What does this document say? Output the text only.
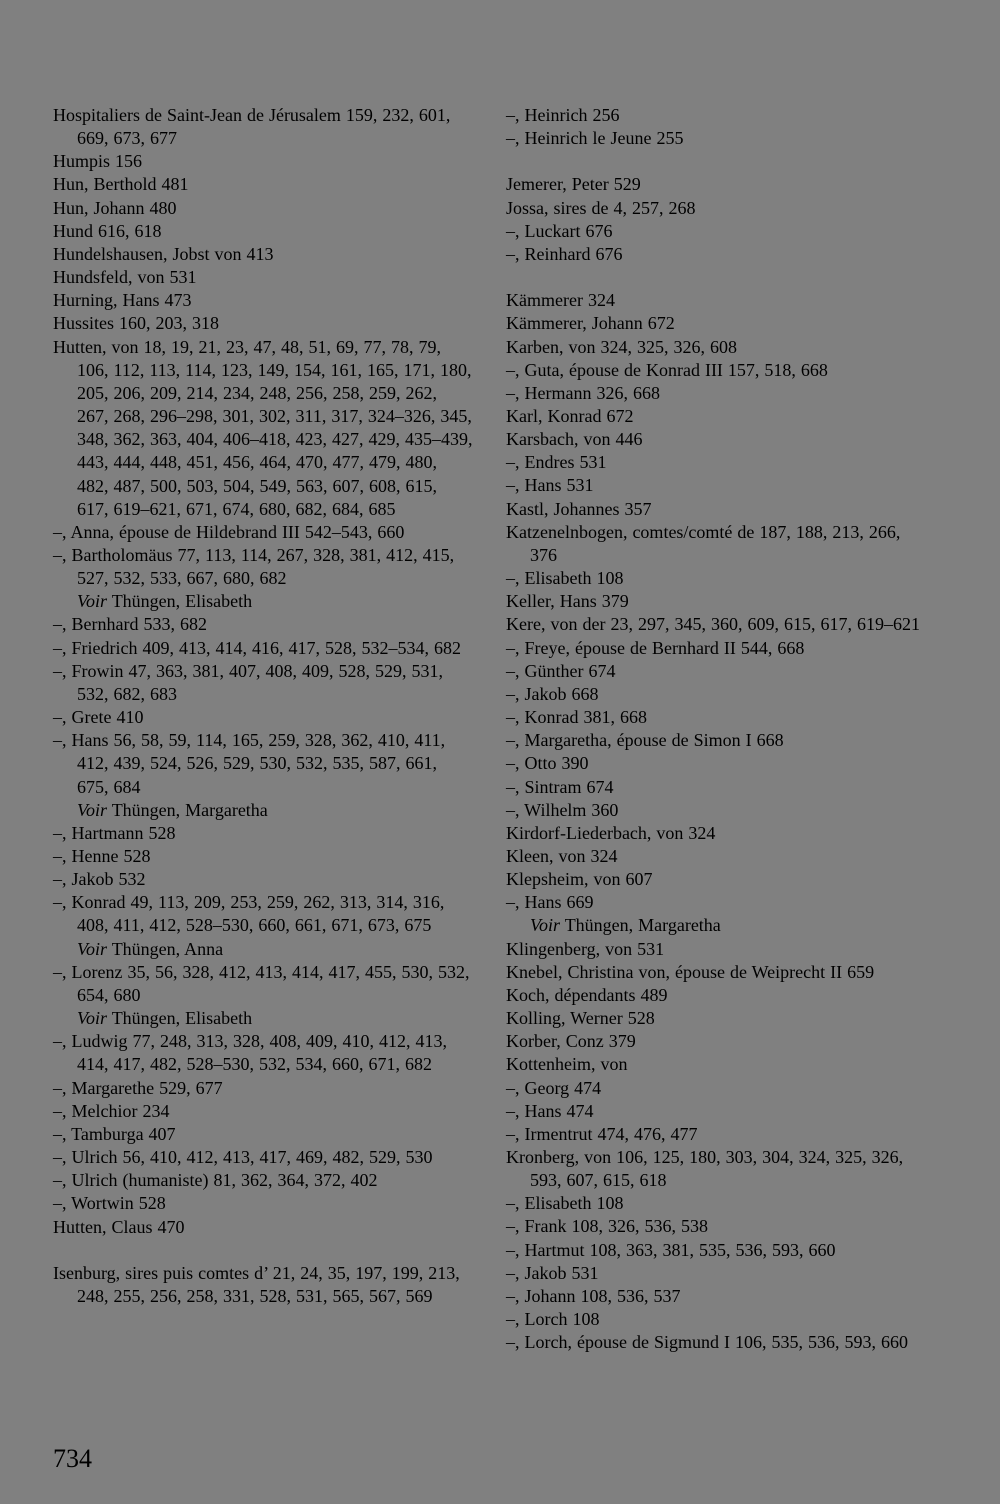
Hospitaliers de Saint-Jean de Jérusalem 159, 232, 601, 669, 673, 677
Humpis 156
Hun, Berthold 481
Hun, Johann 480
Hund 616, 618
Hundelshausen, Jobst von 413
Hundsfeld, von 531
Hurning, Hans 473
Hussites 160, 203, 318
Hutten, von 18, 19, 21, 23, 47, 48, 51, 69, 77, 78, 79, 106, 112, 113, 114, 123, 149, 154, 161, 165, 171, 180, 205, 206, 209, 214, 234, 248, 256, 258, 259, 262, 267, 268, 296–298, 301, 302, 311, 317, 324–326, 345, 348, 362, 363, 404, 406–418, 423, 427, 429, 435–439, 443, 444, 448, 451, 456, 464, 470, 477, 479, 480, 482, 487, 500, 503, 504, 549, 563, 607, 608, 615, 617, 619–621, 671, 674, 680, 682, 684, 685
–, Anna, épouse de Hildebrand III 542–543, 660
–, Bartholomäus 77, 113, 114, 267, 328, 381, 412, 415, 527, 532, 533, 667, 680, 682
Voir Thüngen, Elisabeth
–, Bernhard 533, 682
–, Friedrich 409, 413, 414, 416, 417, 528, 532–534, 682
–, Frowin 47, 363, 381, 407, 408, 409, 528, 529, 531, 532, 682, 683
–, Grete 410
–, Hans 56, 58, 59, 114, 165, 259, 328, 362, 410, 411, 412, 439, 524, 526, 529, 530, 532, 535, 587, 661, 675, 684
Voir Thüngen, Margaretha
–, Hartmann 528
–, Henne 528
–, Jakob 532
–, Konrad 49, 113, 209, 253, 259, 262, 313, 314, 316, 408, 411, 412, 528–530, 660, 661, 671, 673, 675
Voir Thüngen, Anna
–, Lorenz 35, 56, 328, 412, 413, 414, 417, 455, 530, 532, 654, 680
Voir Thüngen, Elisabeth
–, Ludwig 77, 248, 313, 328, 408, 409, 410, 412, 413, 414, 417, 482, 528–530, 532, 534, 660, 671, 682
–, Margarethe 529, 677
–, Melchior 234
–, Tamburga 407
–, Ulrich 56, 410, 412, 413, 417, 469, 482, 529, 530
–, Ulrich (humaniste) 81, 362, 364, 372, 402
–, Wortwin 528
Hutten, Claus 470
Isenburg, sires puis comtes d’ 21, 24, 35, 197, 199, 213, 248, 255, 256, 258, 331, 528, 531, 565, 567, 569
–, Heinrich 256
–, Heinrich le Jeune 255
Jemerer, Peter 529
Jossa, sires de 4, 257, 268
–, Luckart 676
–, Reinhard 676
Kämmerer 324
Kämmerer, Johann 672
Karben, von 324, 325, 326, 608
–, Guta, épouse de Konrad III 157, 518, 668
–, Hermann 326, 668
Karl, Konrad 672
Karsbach, von 446
–, Endres 531
–, Hans 531
Kastl, Johannes 357
Katzenelnbogen, comtes/comté de 187, 188, 213, 266, 376
–, Elisabeth 108
Keller, Hans 379
Kere, von der 23, 297, 345, 360, 609, 615, 617, 619–621
–, Freye, épouse de Bernhard II 544, 668
–, Günther 674
–, Jakob 668
–, Konrad 381, 668
–, Margaretha, épouse de Simon I 668
–, Otto 390
–, Sintram 674
–, Wilhelm 360
Kirdorf-Liederbach, von 324
Kleen, von 324
Klepsheim, von 607
–, Hans 669
Voir Thüngen, Margaretha
Klingenberg, von 531
Knebel, Christina von, épouse de Weiprecht II 659
Koch, dépendants 489
Kolling, Werner 528
Korber, Conz 379
Kottenheim, von
–, Georg 474
–, Hans 474
–, Irmentrut 474, 476, 477
Kronberg, von 106, 125, 180, 303, 304, 324, 325, 326, 593, 607, 615, 618
–, Elisabeth 108
–, Frank 108, 326, 536, 538
–, Hartmut 108, 363, 381, 535, 536, 593, 660
–, Jakob 531
–, Johann 108, 536, 537
–, Lorch 108
–, Lorch, épouse de Sigmund I 106, 535, 536, 593, 660
734
